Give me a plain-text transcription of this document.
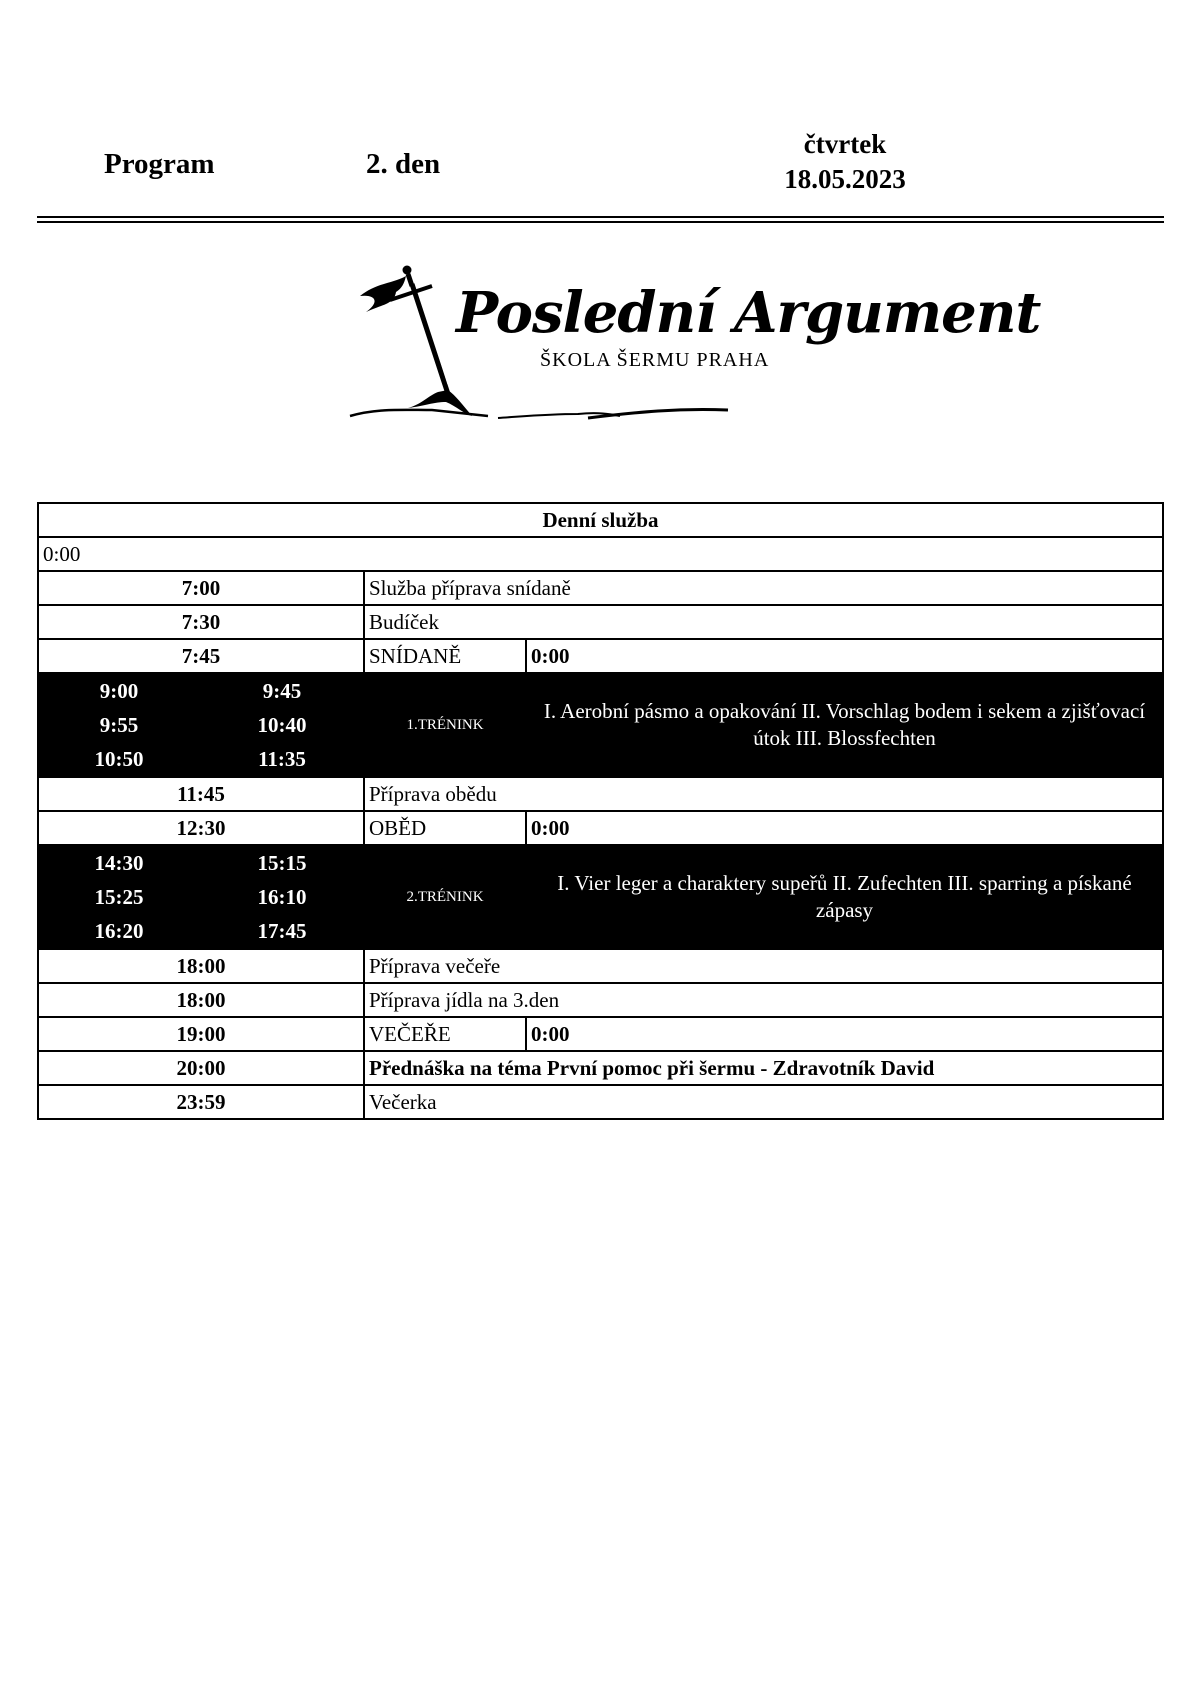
Program	2. den
čtvrtek
18.05.2023
Poslední Argument
ŠKOLA ŠERMU PRAHA
Denní služba			
0:00			
7:00		Služba příprava snídaně	
7:30		Budíček	
7:45		SNÍDANĚ	0:00
9:00	9:45	1.TRÉNINK	I. Aerobní pásmo a opakování II. Vorschlag bodem i sekem a zjišťovací útok III. Blossfechten
9:55	10:40		
10:50	11:35		
11:45		Příprava obědu	
12:30		OBĚD	0:00
14:30	15:15	2.TRÉNINK	I. Vier leger a charaktery supeřů II. Zufechten III. sparring a pískané zápasy
15:25	16:10		
16:20	17:45		
18:00		Příprava večeře	
18:00		Příprava jídla na 3.den	
19:00		VEČEŘE	0:00
20:00		Přednáška na téma První pomoc při šermu - Zdravotník David	
23:59		Večerka	
